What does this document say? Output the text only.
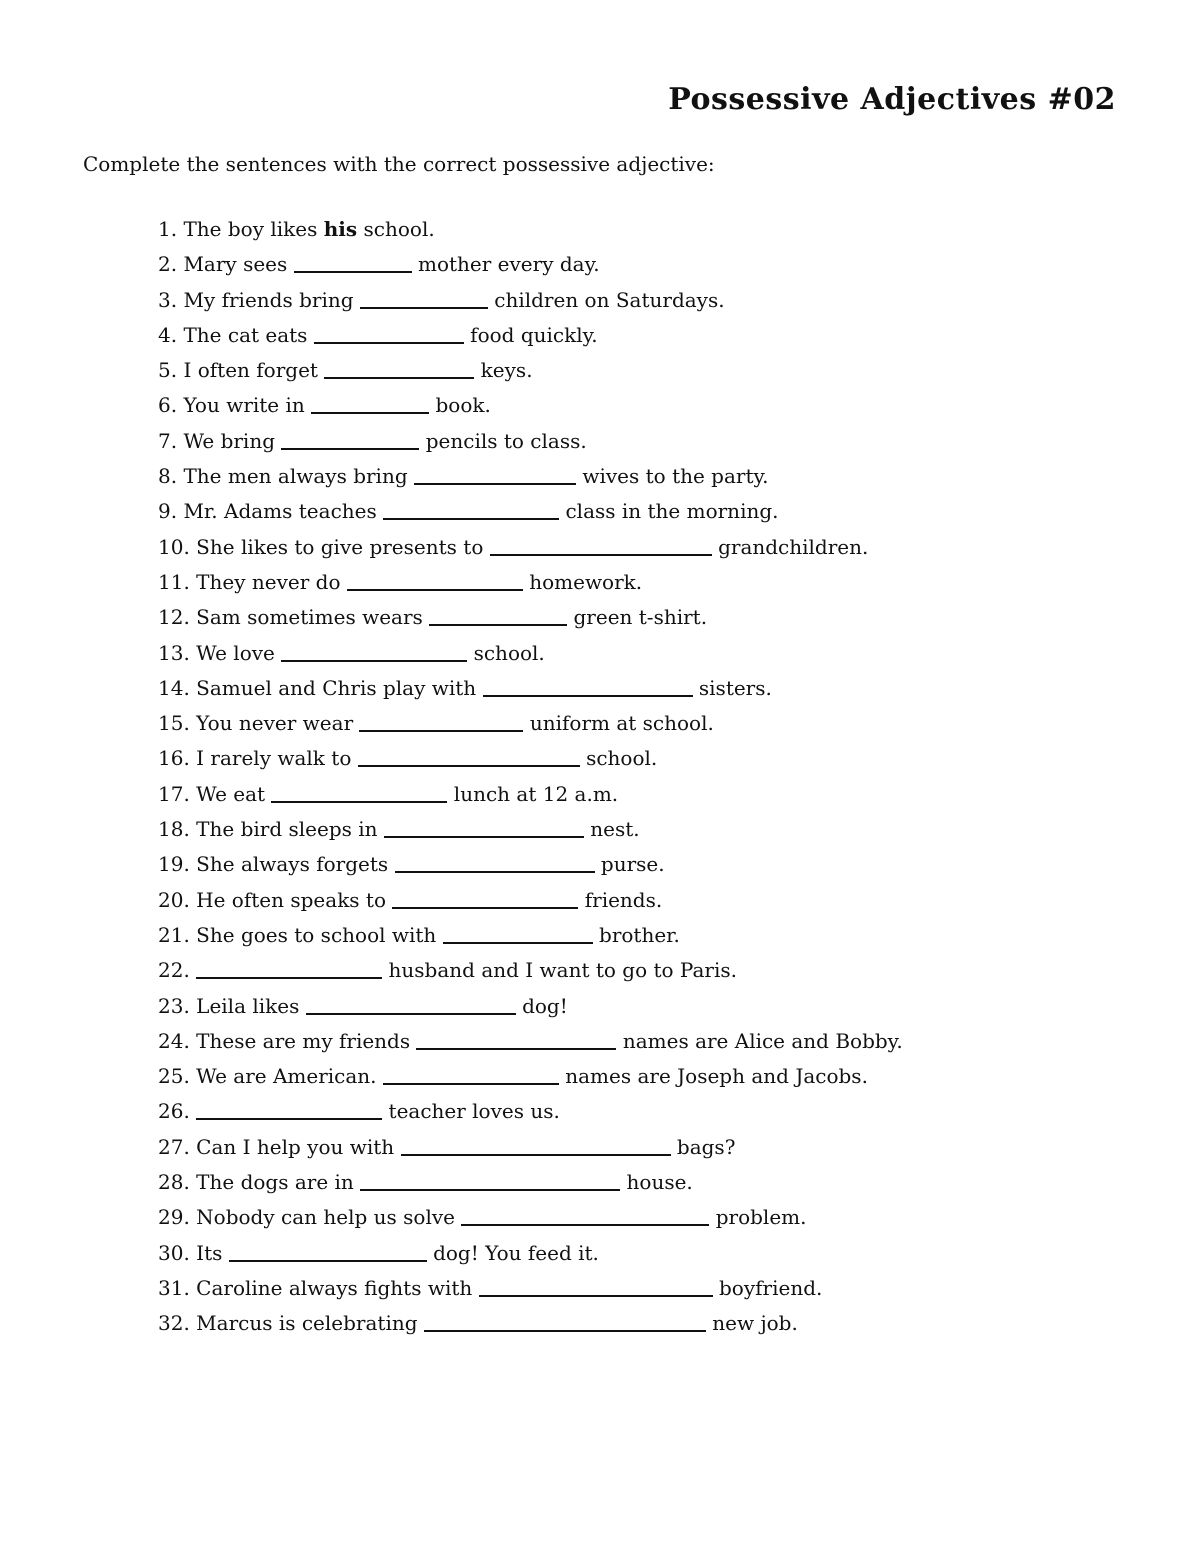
Possessive Adjectives #02

Complete the sentences with the correct possessive adjective:

1. The boy likes his school.
2. Mary sees	mother every day.
3. My friends bring	children on Saturdays.
4. The cat eats	food quickly.
5. I often forget	keys.
6. You write in	book.
7. We bring	pencils to class.
8. The men always bring	wives to the party.
9. Mr. Adams teaches	class in the morning.
10. She likes to give presents to	grandchildren.
11. They never do	homework.
12. Sam sometimes wears	green t-shirt.
13. We love	school.
14. Samuel and Chris play with	sisters.
15. You never wear	uniform at school.
16. I rarely walk to	school.
17. We eat	lunch at 12 a.m.
18. The bird sleeps in	nest.
19. She always forgets	purse.
20. He often speaks to	friends.
21. She goes to school with	brother.
22.	husband and I want to go to Paris.
23. Leila likes	dog!
24. These are my friends	names are Alice and Bobby.
25. We are American.	names are Joseph and Jacobs.
26.	teacher loves us.
27. Can I help you with	bags?
28. The dogs are in	house.
29. Nobody can help us solve	problem.
30. Its	dog! You feed it.
31. Caroline always fights with	boyfriend.
32. Marcus is celebrating	new job.
